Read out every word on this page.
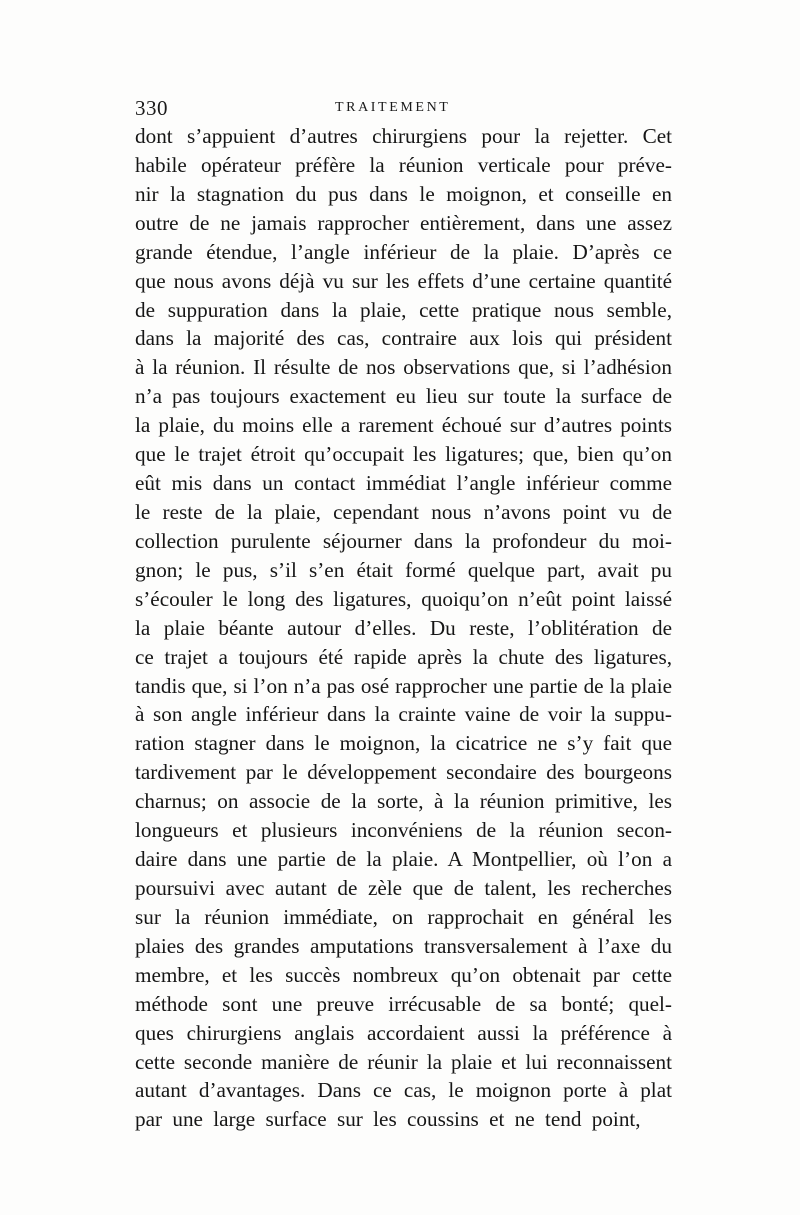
330	TRAITEMENT
dont s’appuient d’autres chirurgiens pour la rejetter. Cet
habile opérateur préfère la réunion verticale pour préve-
nir la stagnation du pus dans le moignon, et conseille en
outre de ne jamais rapprocher entièrement, dans une assez
grande étendue, l’angle inférieur de la plaie. D’après ce
que nous avons déjà vu sur les effets d’une certaine quantité
de suppuration dans la plaie, cette pratique nous semble,
dans la majorité des cas, contraire aux lois qui président
à la réunion. Il résulte de nos observations que, si l’adhésion
n’a pas toujours exactement eu lieu sur toute la surface de
la plaie, du moins elle a rarement échoué sur d’autres points
que le trajet étroit qu’occupait les ligatures; que, bien qu’on
eût mis dans un contact immédiat l’angle inférieur comme
le reste de la plaie, cependant nous n’avons point vu de
collection purulente séjourner dans la profondeur du moi-
gnon; le pus, s’il s’en était formé quelque part, avait pu
s’écouler le long des ligatures, quoiqu’on n’eût point laissé
la plaie béante autour d’elles. Du reste, l’oblitération de
ce trajet a toujours été rapide après la chute des ligatures,
tandis que, si l’on n’a pas osé rapprocher une partie de la plaie
à son angle inférieur dans la crainte vaine de voir la suppu-
ration stagner dans le moignon, la cicatrice ne s’y fait que
tardivement par le développement secondaire des bourgeons
charnus; on associe de la sorte, à la réunion primitive, les
longueurs et plusieurs inconvéniens de la réunion secon-
daire dans une partie de la plaie. A Montpellier, où l’on a
poursuivi avec autant de zèle que de talent, les recherches
sur la réunion immédiate, on rapprochait en général les
plaies des grandes amputations transversalement à l’axe du
membre, et les succès nombreux qu’on obtenait par cette
méthode sont une preuve irrécusable de sa bonté; quel-
ques chirurgiens anglais accordaient aussi la préférence à
cette seconde manière de réunir la plaie et lui reconnaissent
autant d’avantages. Dans ce cas, le moignon porte à plat
par une large surface sur les coussins et ne tend point,
